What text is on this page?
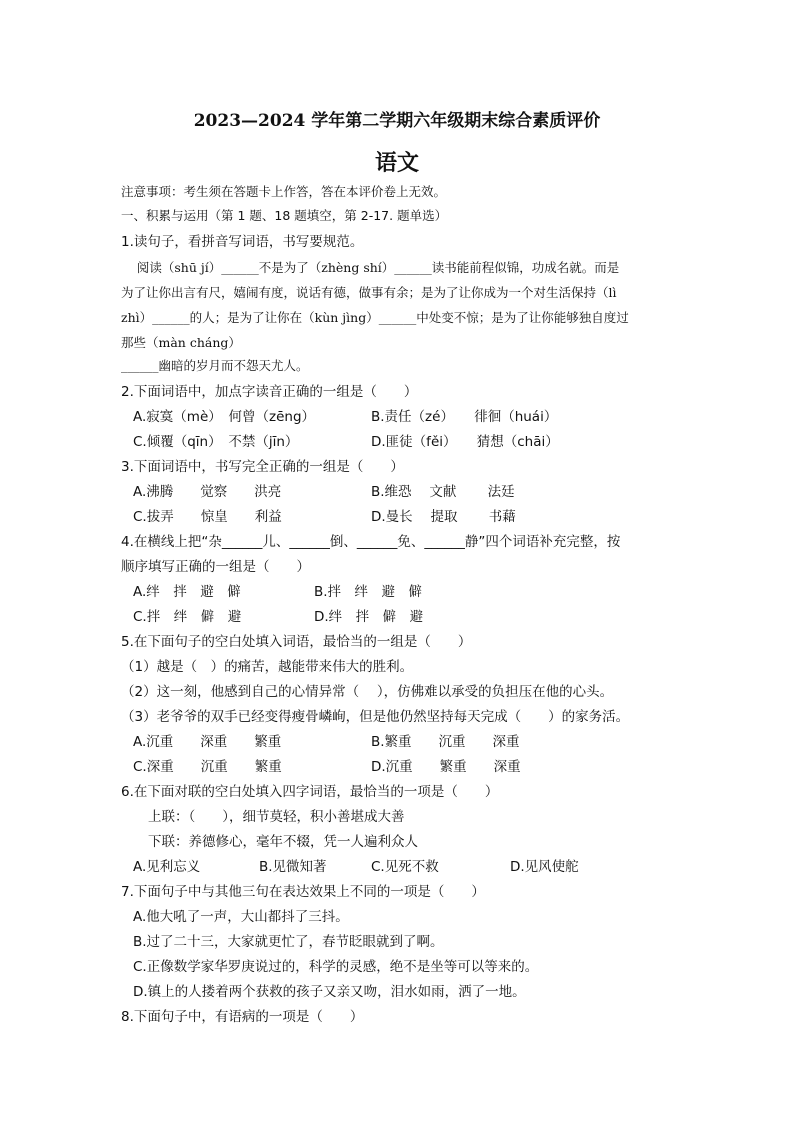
2023—2024 学年第二学期六年级期末综合素质评价
语文
注意事项：考生须在答题卡上作答，答在本评价卷上无效。
一、积累与运用（第 1 题、18 题填空，第 2-17. 题单选）
1.读句子，看拼音写词语，书写要规范。
阅读（shū jí）______不是为了（zhèng shí）______读书能前程似锦，功成名就。而是
为了让你出言有尺，嬉闹有度，说话有德，做事有余；是为了让你成为一个对生活保持（lì
zhì）______的人；是为了让你在（kùn jìng）______中处变不惊；是为了让你能够独自度过
那些（màn cháng）
______幽暗的岁月而不怨天尤人。
2.下面词语中，加点字读音正确的一组是（　　）
A.寂寞（mè）　何曾（zēng）	B.责任（zé）　　徘徊（huái）
C.倾覆（qīn）　不禁（jīn）	D.匪徒（fěi）　　猜想（chāi）
3.下面词语中，书写完全正确的一组是（　　）
A.沸腾　　觉察　　洪亮	B.维恐　 文献　　 法廷
C.拔弄　　惊皇　　利益	D.曼长　 提取　　 书藉
4.在横线上把“杂______儿、______倒、______免、______静”四个词语补充完整，按
顺序填写正确的一组是（　　）
A.绊　拌　避　僻	B.拌　绊　避　僻
C.拌　绊　僻　避	D.绊　拌　僻　避
5.在下面句子的空白处填入词语，最恰当的一组是（　　）
（1）越是（　）的痛苦，越能带来伟大的胜利。
（2）这一刻，他感到自己的心情异常（　 ），仿佛难以承受的负担压在他的心头。
（3）老爷爷的双手已经变得瘦骨嶙峋，但是他仍然坚持每天完成（　　）的家务活。
A.沉重　　深重　　繁重	B.繁重　　沉重　　深重
C.深重　　沉重　　繁重	D.沉重　　繁重　　深重
6.在下面对联的空白处填入四字词语，最恰当的一项是（　　）
上联：（　　），细节莫轻，积小善堪成大善
下联：养德修心，毫年不辍，凭一人遍利众人
A.见利忘义	B.见微知著	C.见死不救	D.见风使舵
7.下面句子中与其他三句在表达效果上不同的一项是（　　）
A.他大吼了一声，大山都抖了三抖。
B.过了二十三，大家就更忙了，春节眨眼就到了啊。
C.正像数学家华罗庚说过的，科学的灵感，绝不是坐等可以等来的。
D.镇上的人搂着两个获救的孩子又亲又吻，泪水如雨，洒了一地。
8.下面句子中，有语病的一项是（　　）
